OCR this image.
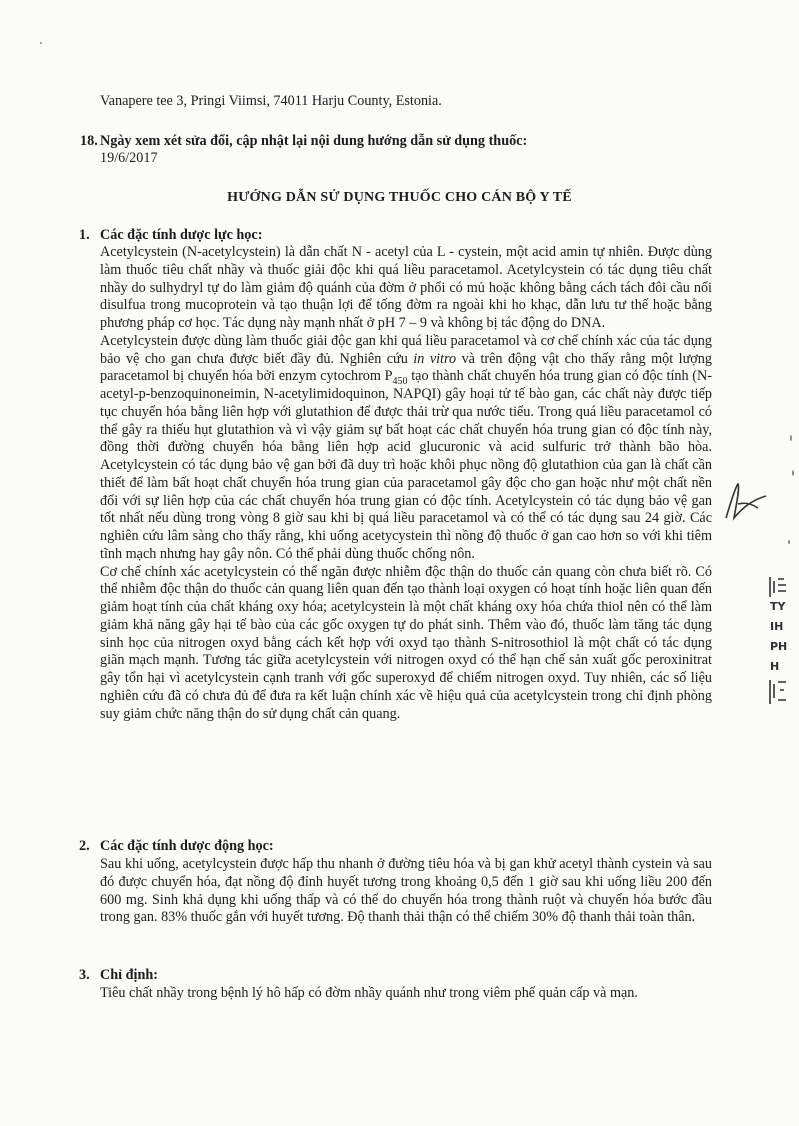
Vanapere tee 3, Pringi Viimsi, 74011 Harju County, Estonia.
18. Ngày xem xét sửa đổi, cập nhật lại nội dung hướng dẫn sử dụng thuốc:
19/6/2017
HƯỚNG DẪN SỬ DỤNG THUỐC CHO CÁN BỘ Y TẾ
1. Các đặc tính dược lực học:

Acetylcystein (N-acetylcystein) là dẫn chất N - acetyl của L - cystein, một acid amin tự nhiên. Được dùng làm thuốc tiêu chất nhầy và thuốc giải độc khi quá liều paracetamol. Acetylcystein có tác dụng tiêu chất nhầy do sulhydryl tự do làm giảm độ quánh của đờm ở phổi có mủ hoặc không bằng cách tách đôi cầu nối disulfua trong mucoprotein và tạo thuận lợi để tống đờm ra ngoài khi ho khạc, dẫn lưu tư thế hoặc bằng phương pháp cơ học. Tác dụng này mạnh nhất ở pH 7 – 9 và không bị tác động do DNA.

Acetylcystein được dùng làm thuốc giải độc gan khi quá liều paracetamol và cơ chế chính xác của tác dụng bảo vệ cho gan chưa được biết đầy đủ. Nghiên cứu in vitro và trên động vật cho thấy rằng một lượng paracetamol bị chuyển hóa bởi enzym cytochrom $P_{450}$ tạo thành chất chuyển hóa trung gian có độc tính (N-acetyl-p-benzoquinoneimin, N-acetylimidoquinon, NAPQI) gây hoại tử tế bào gan, các chất này được tiếp tục chuyển hóa bằng liên hợp với glutathion để được thải trừ qua nước tiểu. Trong quá liều paracetamol có thể gây ra thiếu hụt glutathion và vì vậy giảm sự bất hoạt các chất chuyển hóa trung gian có độc tính này, đồng thời đường chuyển hóa bằng liên hợp acid glucuronic và acid sulfuric trở thành bão hòa. Acetylcystein có tác dụng bảo vệ gan bởi đã duy trì hoặc khôi phục nồng độ glutathion của gan là chất cần thiết để làm bất hoạt chất chuyển hóa trung gian của paracetamol gây độc cho gan hoặc như một chất nền đối với sự liên hợp của các chất chuyển hóa trung gian có độc tính. Acetylcystein có tác dụng bảo vệ gan tốt nhất nếu dùng trong vòng 8 giờ sau khi bị quá liều paracetamol và có thể có tác dụng sau 24 giờ. Các nghiên cứu lâm sàng cho thấy rằng, khi uống acetycystein thì nồng độ thuốc ở gan cao hơn so với khi tiêm tĩnh mạch nhưng hay gây nôn. Có thể phải dùng thuốc chống nôn.

Cơ chế chính xác acetylcystein có thể ngăn được nhiễm độc thận do thuốc cản quang còn chưa biết rõ. Có thể nhiễm độc thận do thuốc cản quang liên quan đến tạo thành loại oxygen có hoạt tính hoặc liên quan đến giảm hoạt tính của chất kháng oxy hóa; acetylcystein là một chất kháng oxy hóa chứa thiol nên có thể làm giảm khả năng gây hại tế bào của các gốc oxygen tự do phát sinh. Thêm vào đó, thuốc làm tăng tác dụng sinh học của nitrogen oxyd bằng cách kết hợp với oxyd tạo thành S-nitrosothiol là một chất có tác dụng giãn mạch mạnh. Tương tác giữa acetylcystein với nitrogen oxyd có thể hạn chế sản xuất gốc peroxinitrat gây tổn hại vì acetylcystein cạnh tranh với gốc superoxyd để chiếm nitrogen oxyd. Tuy nhiên, các số liệu nghiên cứu đã có chưa đủ để đưa ra kết luận chính xác về hiệu quả của acetylcystein trong chỉ định phòng suy giảm chức năng thận do sử dụng chất cản quang.

2. Các đặc tính dược động học:

Sau khi uống, acetylcystein được hấp thu nhanh ở đường tiêu hóa và bị gan khử acetyl thành cystein và sau đó được chuyển hóa, đạt nồng độ đỉnh huyết tương trong khoảng 0,5 đến 1 giờ sau khi uống liều 200 đến 600 mg. Sinh khả dụng khi uống thấp và có thể do chuyển hóa trong thành ruột và chuyển hóa bước đầu trong gan. 83% thuốc gắn với huyết tương. Độ thanh thải thận có thể chiếm 30% độ thanh thải toàn thân.

3. Chỉ định:

Tiêu chất nhầy trong bệnh lý hô hấp có đờm nhầy quánh như trong viêm phế quản cấp và mạn.

TY
IH
PH
H
